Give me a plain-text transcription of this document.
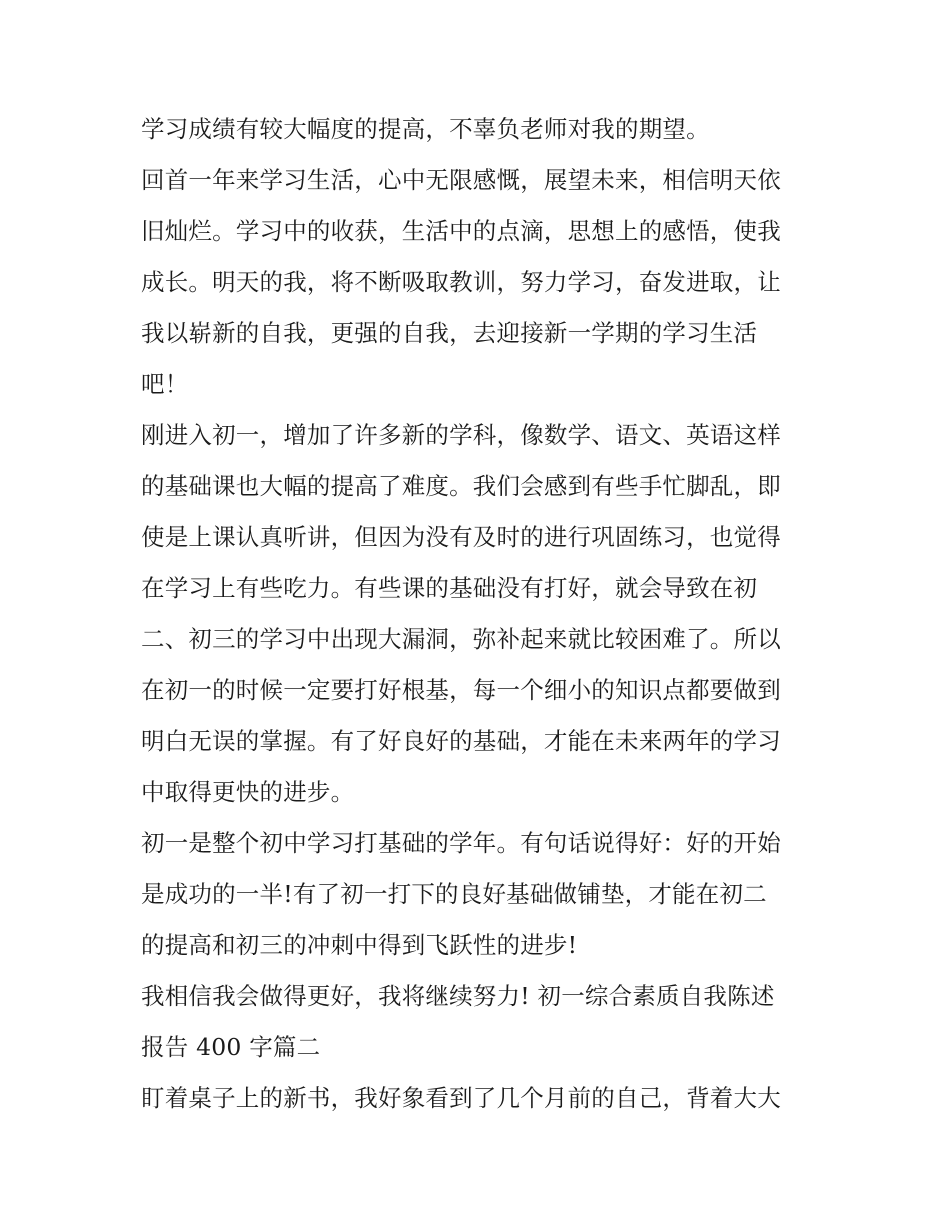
学习成绩有较大幅度的提高，不辜负老师对我的期望。
回首一年来学习生活，心中无限感慨，展望未来，相信明天依
旧灿烂。学习中的收获，生活中的点滴，思想上的感悟，使我
成长。明天的我，将不断吸取教训，努力学习，奋发进取，让
我以崭新的自我，更强的自我，去迎接新一学期的学习生活
吧！
刚进入初一，增加了许多新的学科，像数学、语文、英语这样
的基础课也大幅的提高了难度。我们会感到有些手忙脚乱，即
使是上课认真听讲，但因为没有及时的进行巩固练习，也觉得
在学习上有些吃力。有些课的基础没有打好，就会导致在初
二、初三的学习中出现大漏洞，弥补起来就比较困难了。所以
在初一的时候一定要打好根基，每一个细小的知识点都要做到
明白无误的掌握。有了好良好的基础，才能在未来两年的学习
中取得更快的进步。
初一是整个初中学习打基础的学年。有句话说得好：好的开始
是成功的一半!有了初一打下的良好基础做铺垫，才能在初二
的提高和初三的冲刺中得到飞跃性的进步!
我相信我会做得更好，我将继续努力! 初一综合素质自我陈述
报告 400 字篇二
盯着桌子上的新书，我好象看到了几个月前的自己，背着大大
